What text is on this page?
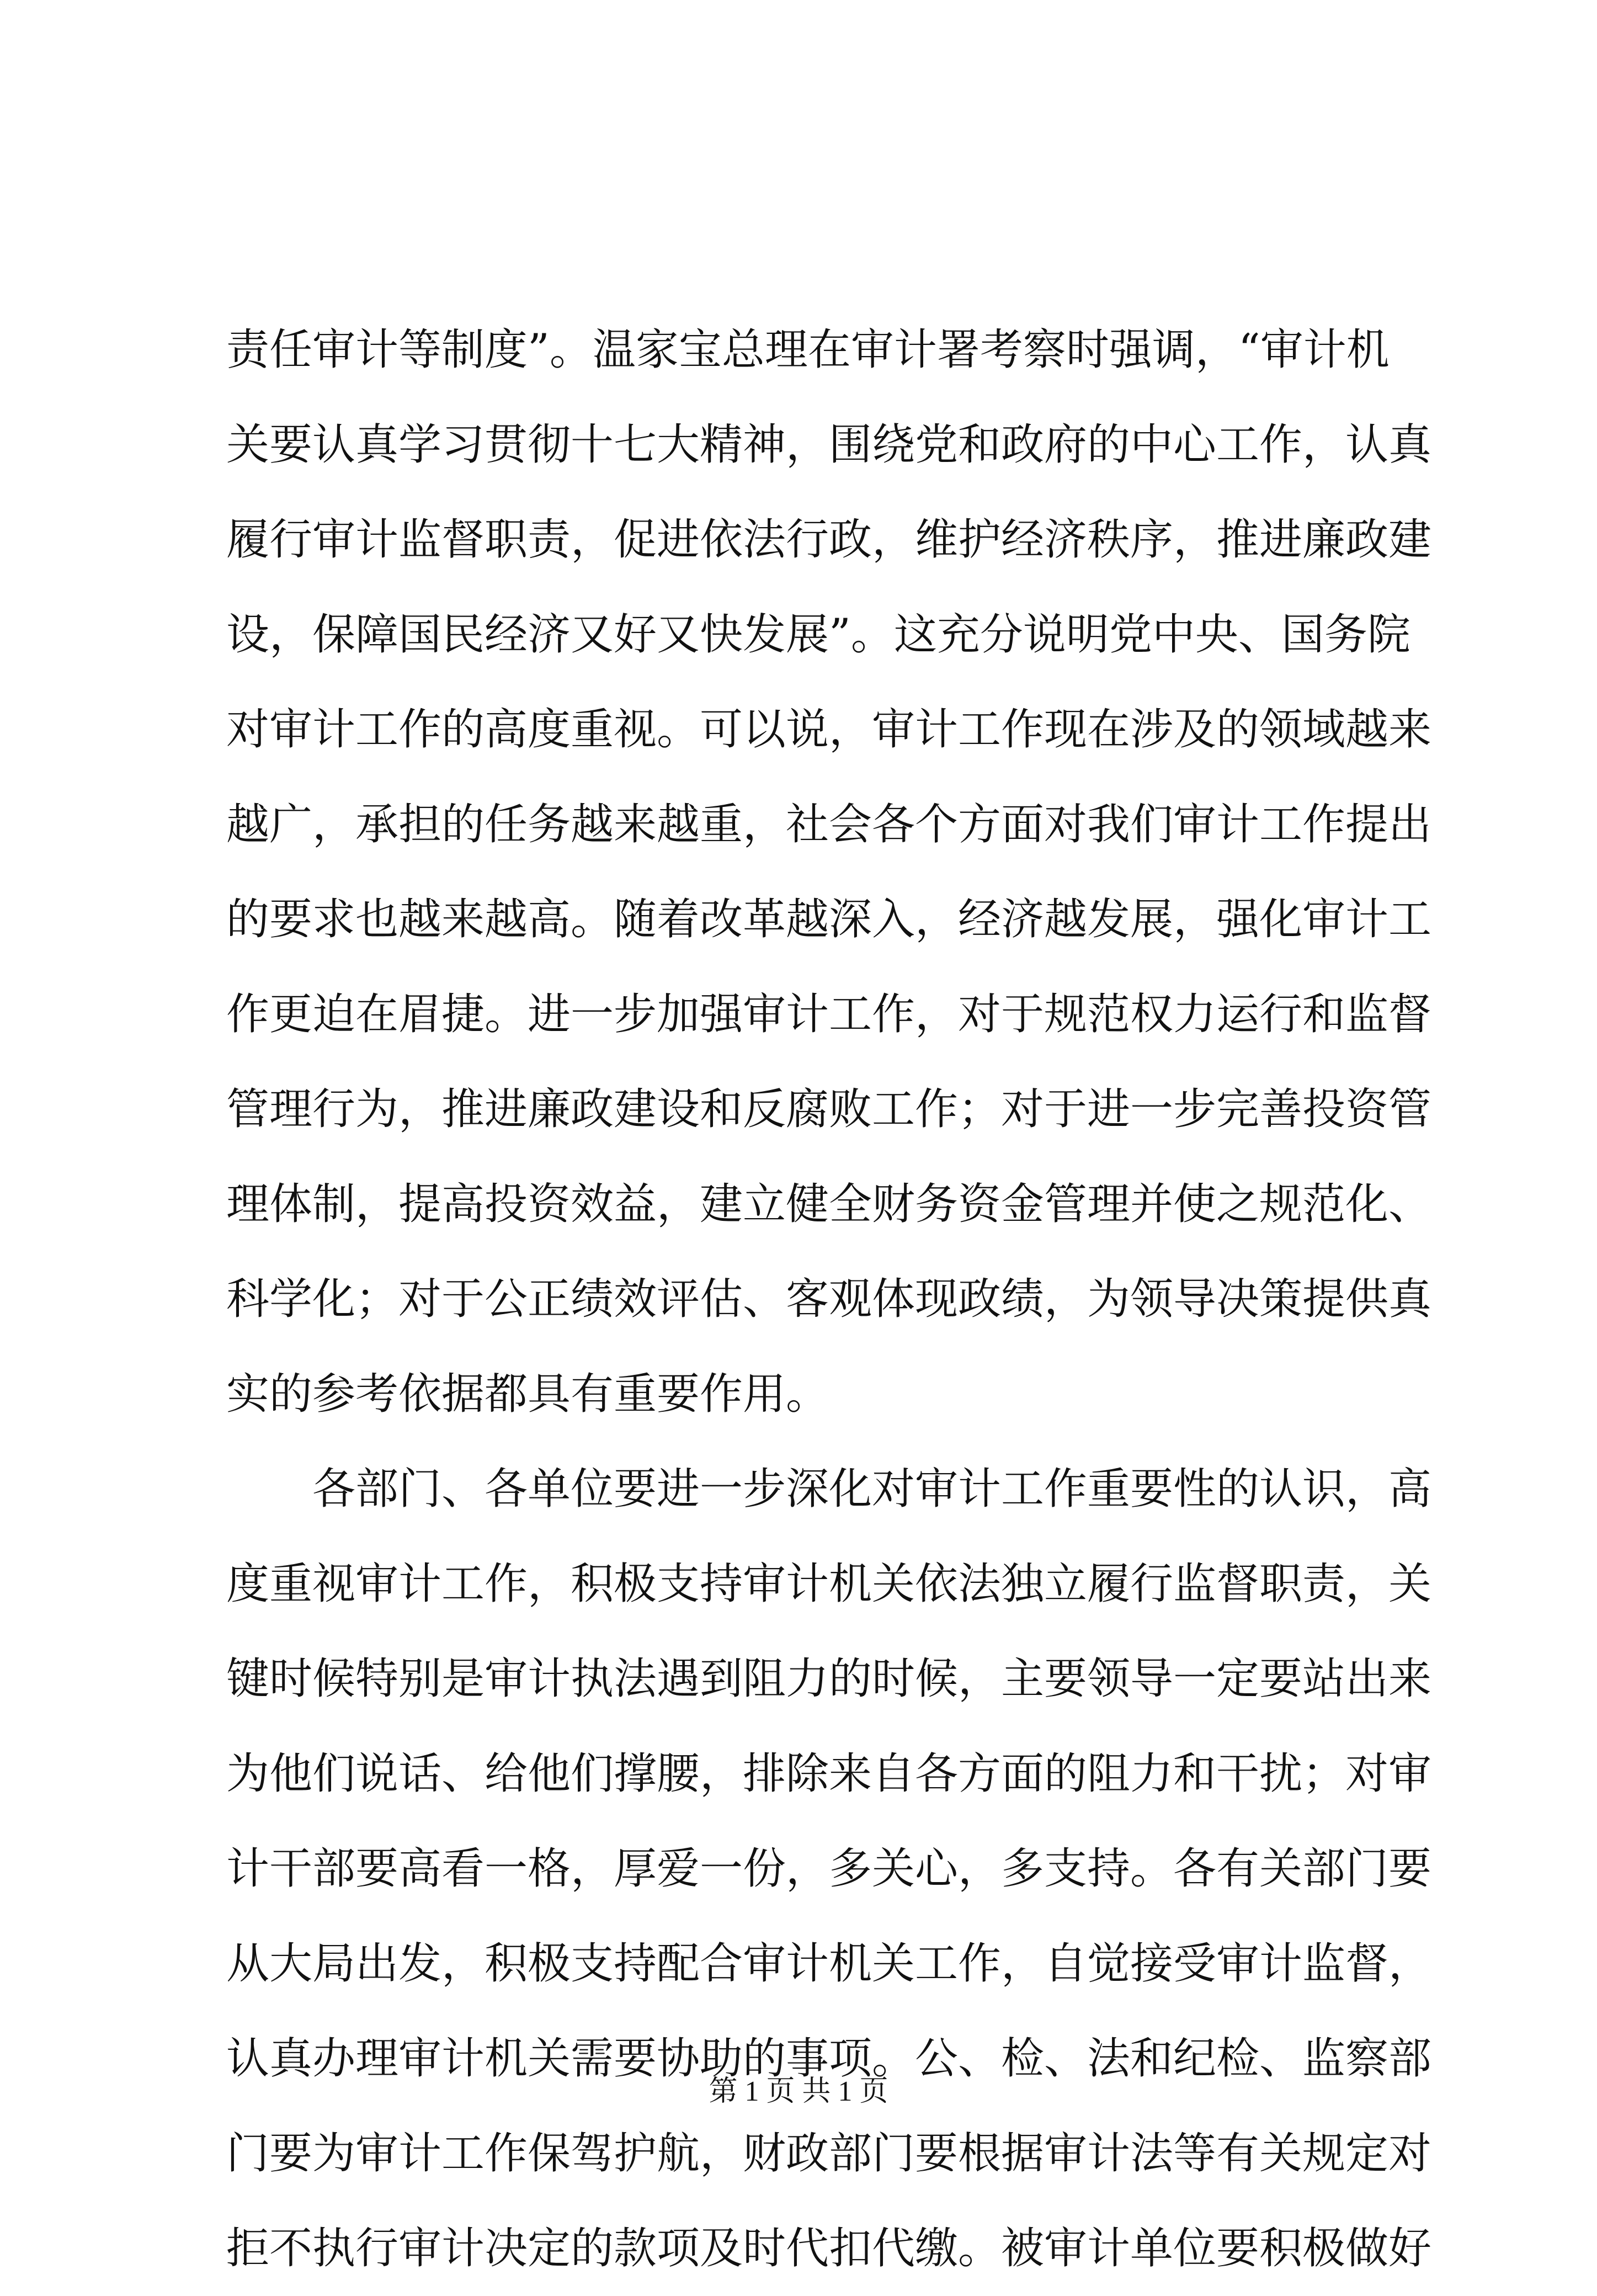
责任审计等制度”。温家宝总理在审计署考察时强调，“审计机
关要认真学习贯彻十七大精神，围绕党和政府的中心工作，认真
履行审计监督职责，促进依法行政，维护经济秩序，推进廉政建
设，保障国民经济又好又快发展”。这充分说明党中央、国务院
对审计工作的高度重视。可以说，审计工作现在涉及的领域越来
越广，承担的任务越来越重，社会各个方面对我们审计工作提出
的要求也越来越高。随着改革越深入，经济越发展，强化审计工
作更迫在眉捷。进一步加强审计工作，对于规范权力运行和监督
管理行为，推进廉政建设和反腐败工作；对于进一步完善投资管
理体制，提高投资效益，建立健全财务资金管理并使之规范化、
科学化；对于公正绩效评估、客观体现政绩，为领导决策提供真
实的参考依据都具有重要作用。
各部门、各单位要进一步深化对审计工作重要性的认识，高
度重视审计工作，积极支持审计机关依法独立履行监督职责，关
键时候特别是审计执法遇到阻力的时候，主要领导一定要站出来
为他们说话、给他们撑腰，排除来自各方面的阻力和干扰；对审
计干部要高看一格，厚爱一份，多关心，多支持。各有关部门要
从大局出发，积极支持配合审计机关工作，自觉接受审计监督，
认真办理审计机关需要协助的事项。公、检、法和纪检、监察部
门要为审计工作保驾护航，财政部门要根据审计法等有关规定对
拒不执行审计决定的款项及时代扣代缴。被审计单位要积极做好
第 1 页 共 1 页
